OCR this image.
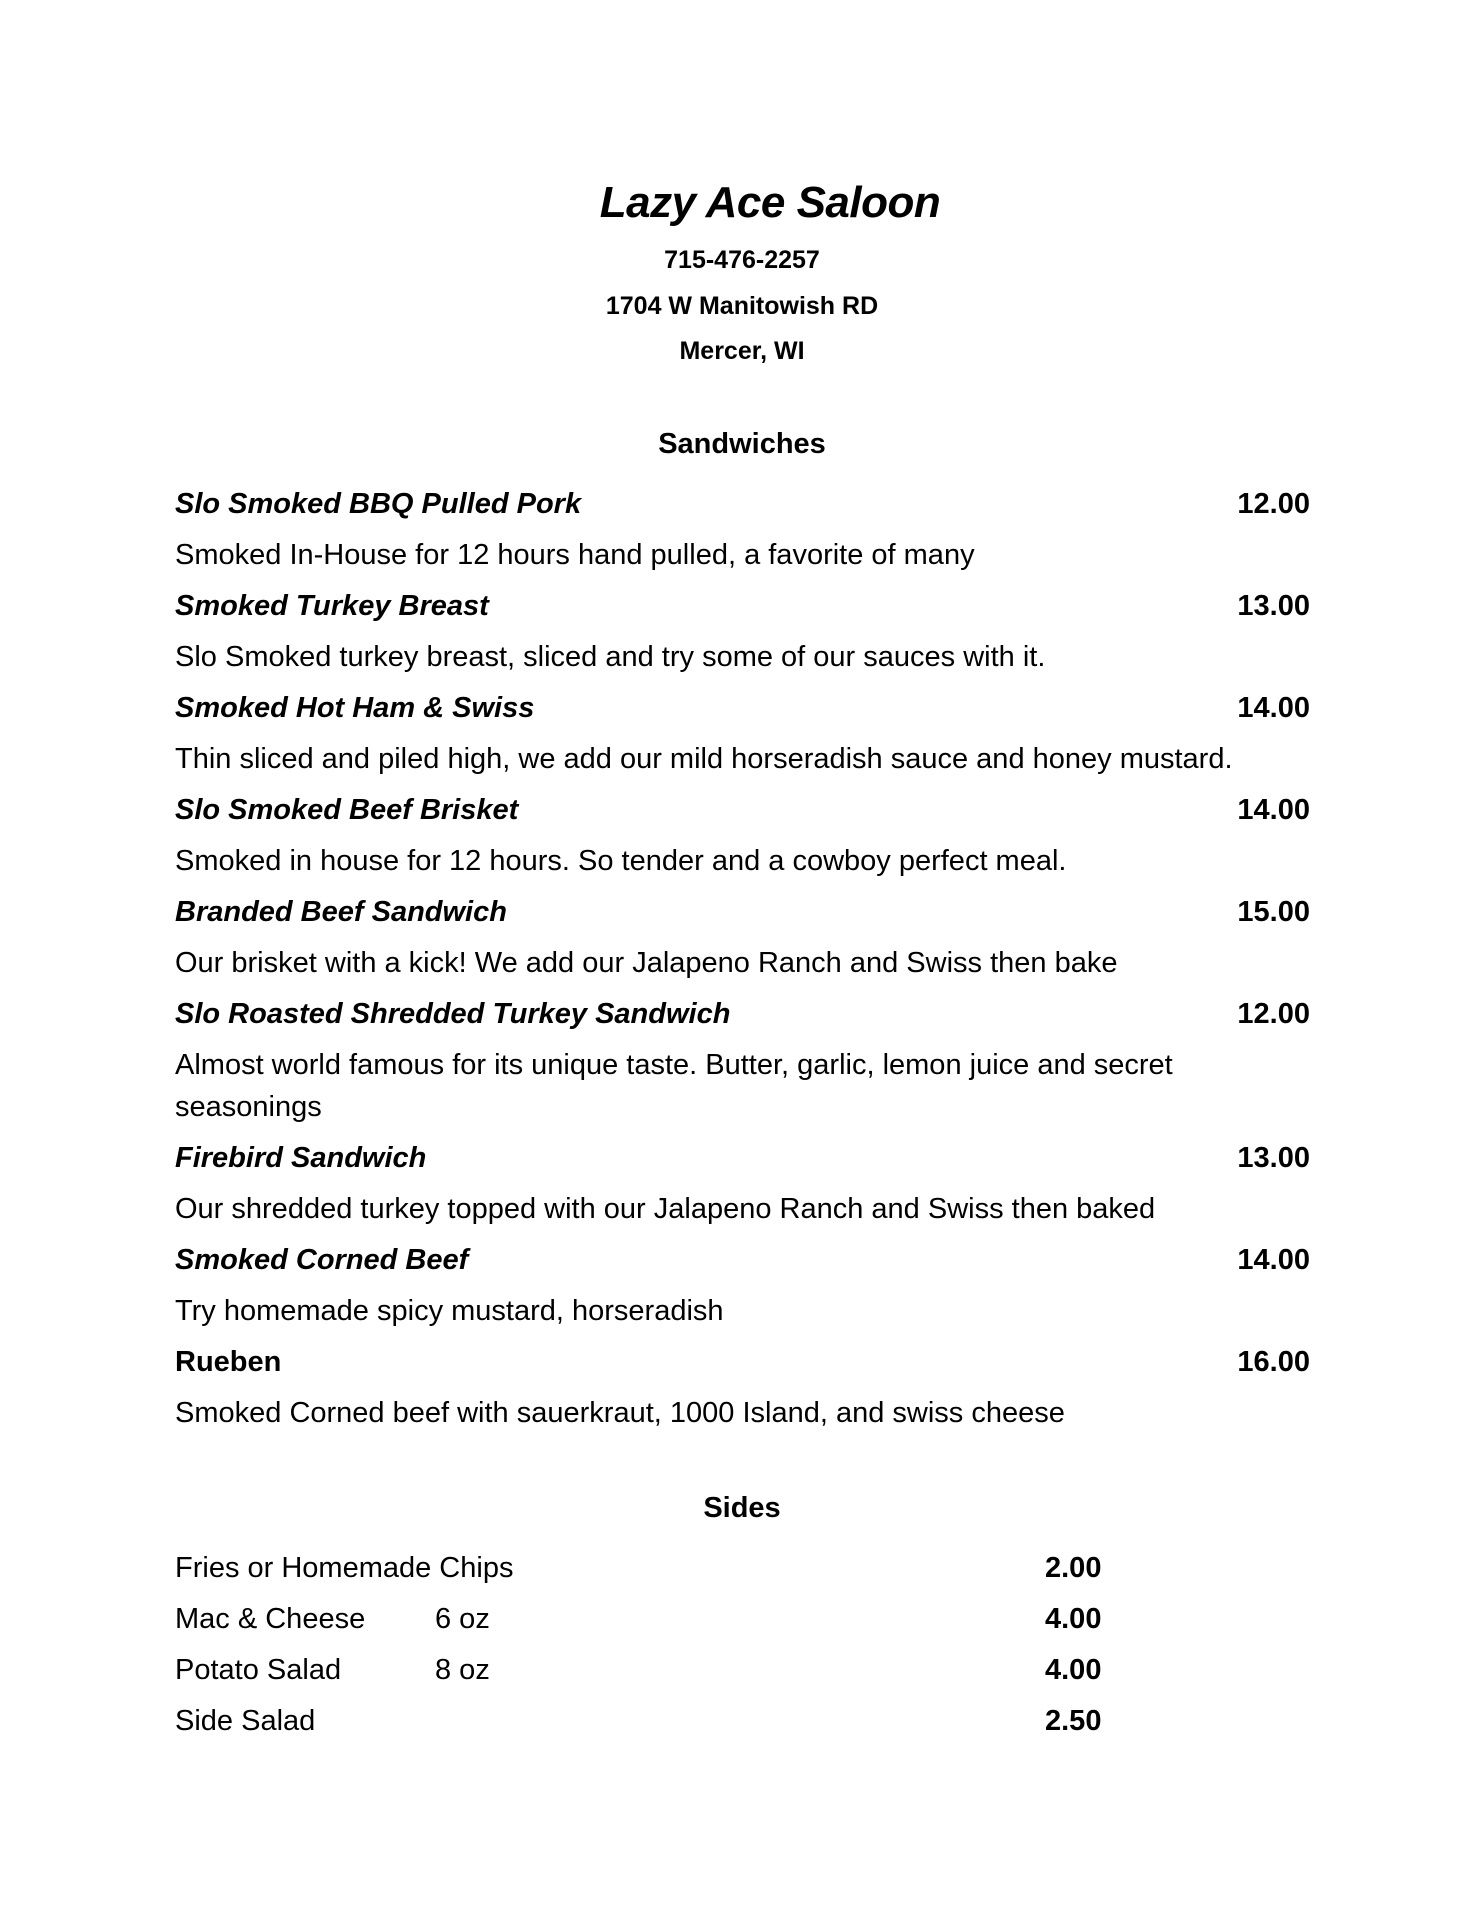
Lazy Ace Saloon
715-476-2257
1704 W Manitowish RD
Mercer, WI
Sandwiches
Slo Smoked BBQ Pulled Pork	12.00
Smoked In-House for 12 hours hand pulled, a favorite of many
Smoked Turkey Breast	13.00
Slo Smoked turkey breast, sliced and try some of our sauces with it.
Smoked Hot Ham & Swiss	14.00
Thin sliced and piled high, we add our mild horseradish sauce and honey mustard.
Slo Smoked Beef Brisket	14.00
Smoked in house for 12 hours. So tender and a cowboy perfect meal.
Branded Beef Sandwich	15.00
Our brisket with a kick! We add our Jalapeno Ranch and Swiss then bake
Slo Roasted Shredded Turkey Sandwich	12.00
Almost world famous for its unique taste. Butter, garlic, lemon juice and secret seasonings
Firebird Sandwich	13.00
Our shredded turkey topped with our Jalapeno Ranch and Swiss then baked
Smoked Corned Beef	14.00
Try homemade spicy mustard, horseradish
Rueben	16.00
Smoked Corned beef with sauerkraut, 1000 Island, and swiss cheese
Sides
Fries or Homemade Chips	2.00
Mac & Cheese 6 oz	4.00
Potato Salad	8 oz	4.00
Side Salad	2.50
